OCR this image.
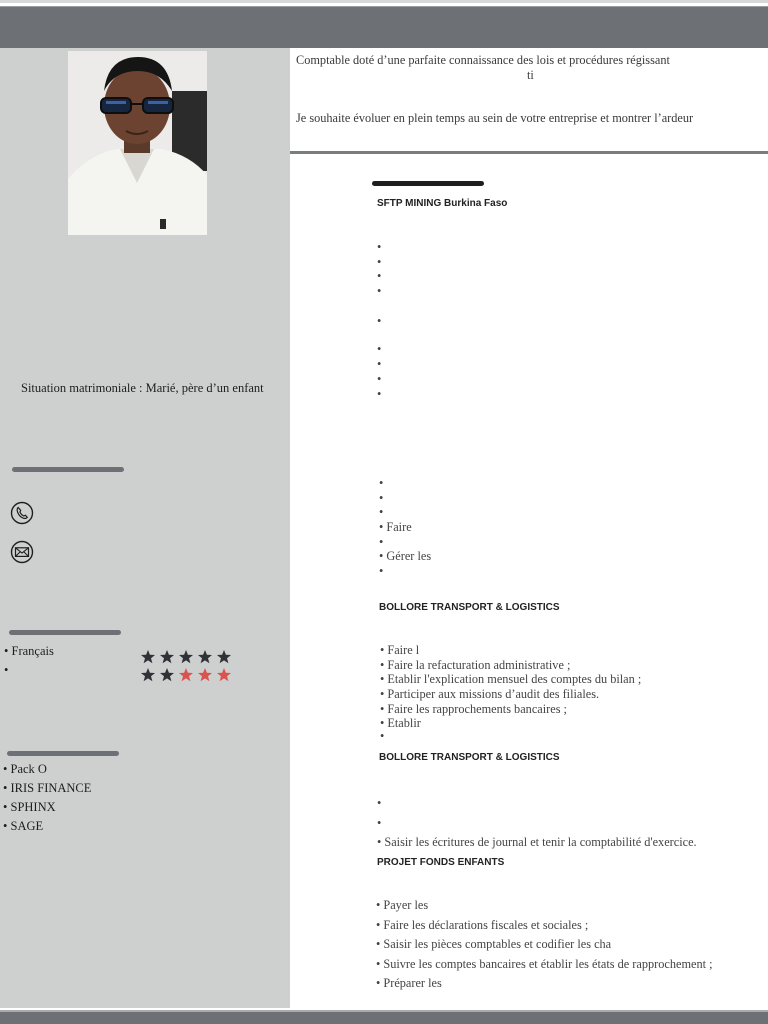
Situation matrimoniale : Marié, père d’un enfant
• Français
•
• Pack O
• IRIS FINANCE
• SPHINX
• SAGE
Comptable doté d’une parfaite connaissance des lois et procédures régissant
ti
Je souhaite évoluer en plein temps au sein de votre entreprise et montrer l’ardeur
SFTP MINING Burkina Faso
•
•
•
•
•
•
•
•
•
•
•
•
• Faire
•
• Gérer les
•
BOLLORE TRANSPORT & LOGISTICS
• Faire l
• Faire la refacturation administrative ;
• Etablir l'explication mensuel des comptes du bilan ;
• Participer aux missions d’audit des filiales.
• Faire les rapprochements bancaires ;
• Etablir
•
BOLLORE TRANSPORT & LOGISTICS
•
•
• Saisir les écritures de journal et tenir la comptabilité d'exercice.
PROJET FONDS ENFANTS
• Payer les
• Faire les déclarations fiscales et sociales ;
• Saisir les pièces comptables et codifier les cha
• Suivre les comptes bancaires et établir les états de rapprochement ;
• Préparer les
